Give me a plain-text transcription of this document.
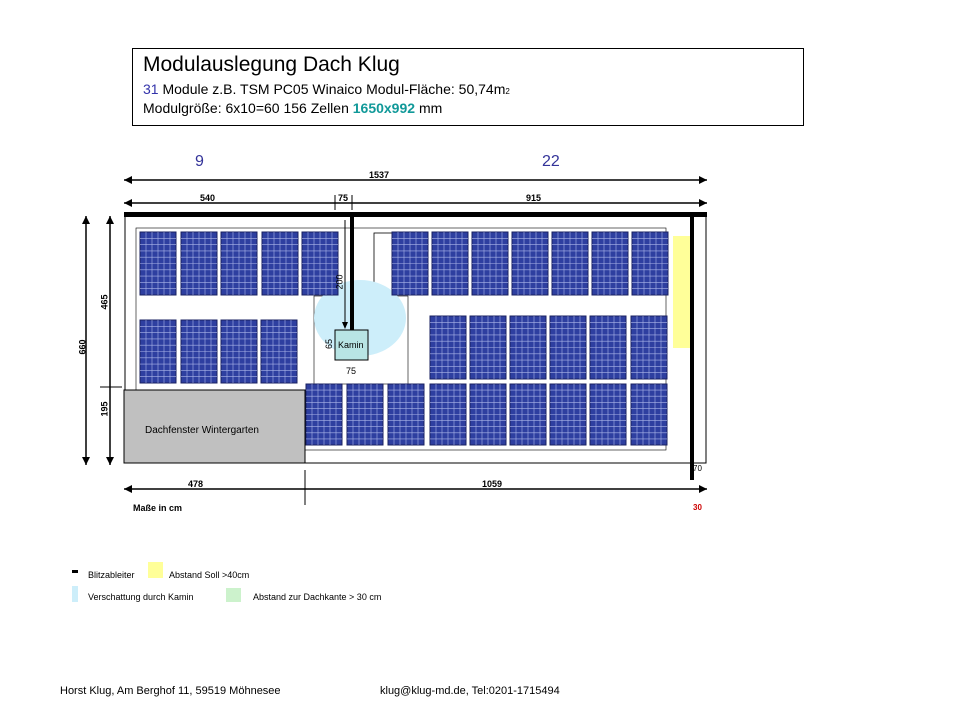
Modulauslegung Dach Klug
31 Module z.B. TSM PC05 Winaico Modul-Fläche: 50,74m2
Modulgröße: 6x10=60 156 Zellen 1650x992 mm
9	22
1537
540	75	915
660
465
195
200
65 Kamin
75
Dachfenster Wintergarten
478	1059
70
30
Maße in cm
Blitzableiter	Abstand Soll >40cm
Verschattung durch Kamin	Abstand zur Dachkante > 30 cm
Horst Klug, Am Berghof 11, 59519 Möhnesee	klug@klug-md.de, Tel:0201-1715494
